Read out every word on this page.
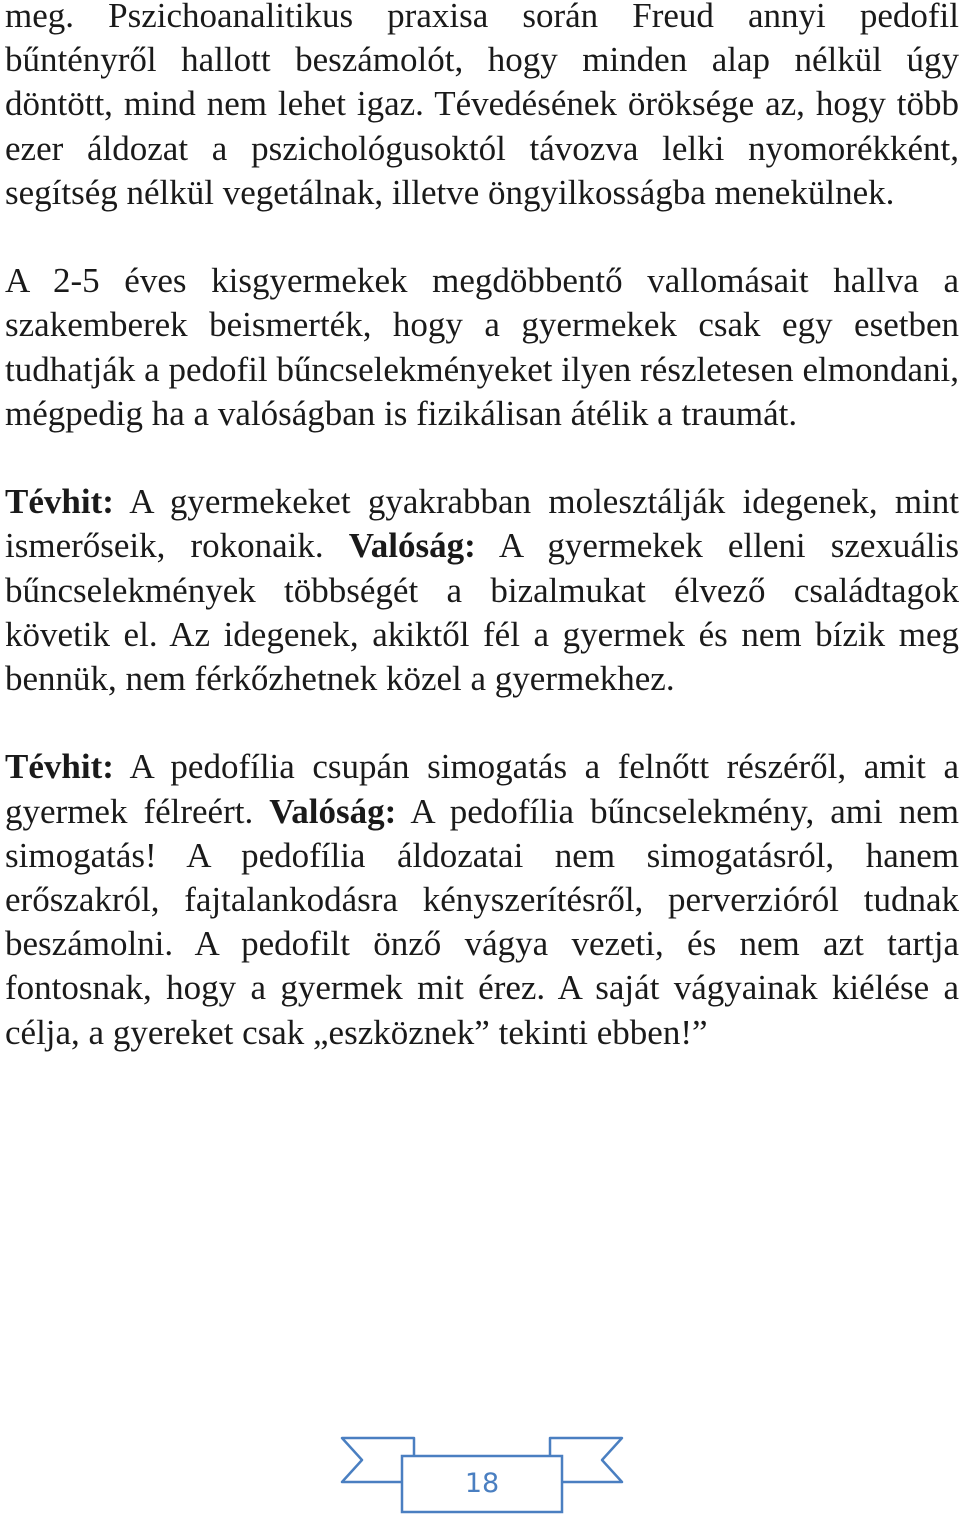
meg. Pszichoanalitikus praxisa során Freud annyi pedofil bűntényről hallott beszámolót, hogy minden alap nélkül úgy döntött, mind nem lehet igaz. Tévedésének öröksége az, hogy több ezer áldozat a pszichológusoktól távozva lelki nyomorékként, segítség nélkül vegetálnak, illetve öngyilkosságba menekülnek.

A 2-5 éves kisgyermekek megdöbbentő vallomásait hallva a szakemberek beismerték, hogy a gyermekek csak egy esetben tudhatják a pedofil bűncselekményeket ilyen részletesen elmondani, mégpedig ha a valóságban is fizikálisan átélik a traumát.

Tévhit: A gyermekeket gyakrabban molesztálják idegenek, mint ismerőseik, rokonaik. Valóság: A gyermekek elleni szexuális bűncselekmények többségét a bizalmukat élvező családtagok követik el. Az idegenek, akiktől fél a gyermek és nem bízik meg bennük, nem férkőzhetnek közel a gyermekhez.

Tévhit: A pedofília csupán simogatás a felnőtt részéről, amit a gyermek félreért. Valóság: A pedofília bűncselekmény, ami nem simogatás! A pedofília áldozatai nem simogatásról, hanem erőszakról, fajtalankodásra kényszerítésről, perverzióról tudnak beszámolni. A pedofilt önző vágya vezeti, és nem azt tartja fontosnak, hogy a gyermek mit érez. A saját vágyainak kiélése a célja, a gyereket csak „eszköznek” tekinti ebben!”

18
